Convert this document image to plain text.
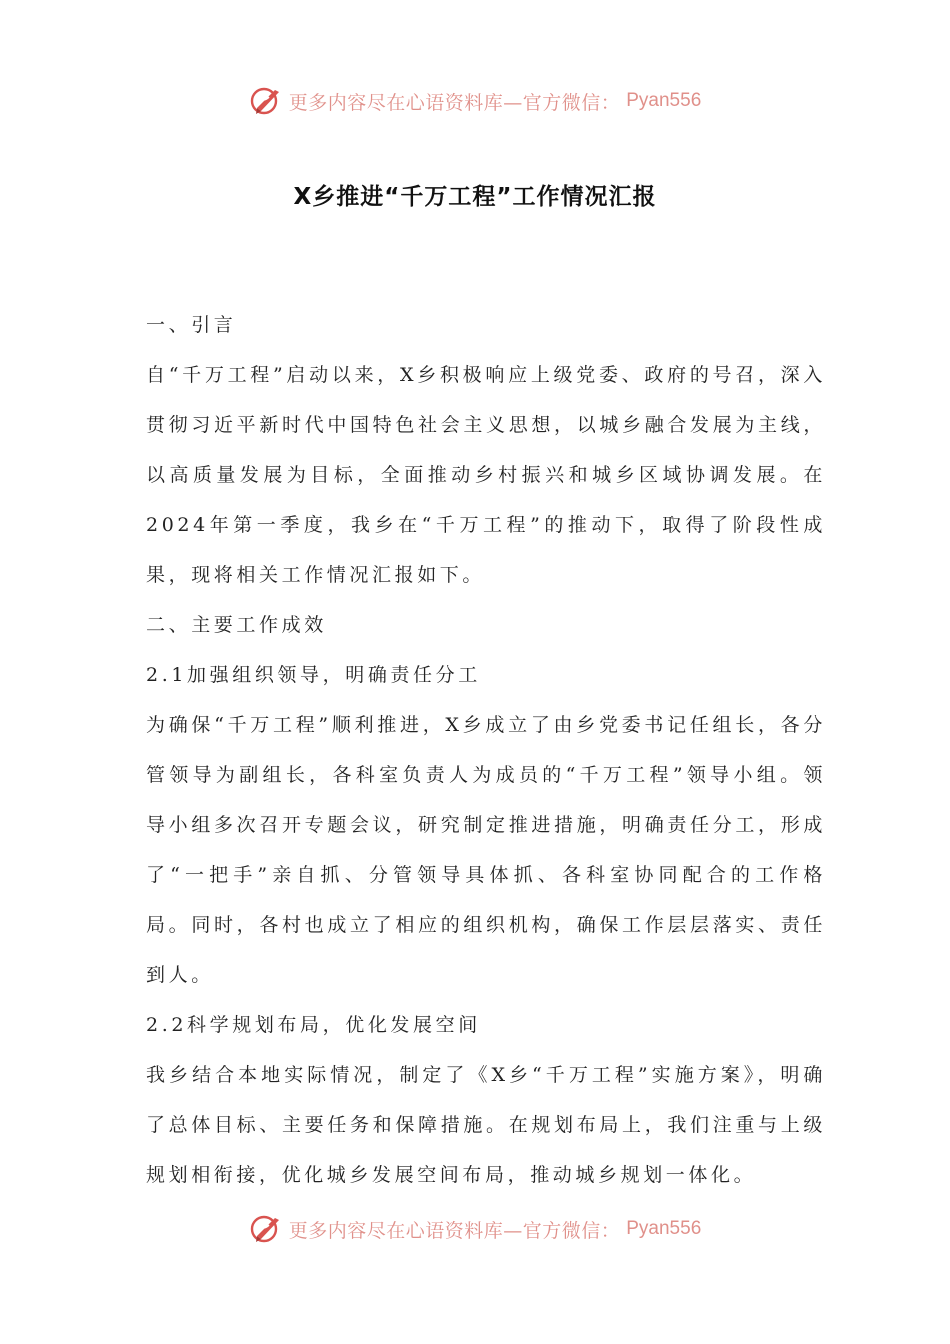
更多内容尽在心语资料库—官方微信： Pyan556
X乡推进“千万工程”工作情况汇报

一、引言

自“千万工程”启动以来，X乡积极响应上级党委、政府的号召，深入贯彻习近平新时代中国特色社会主义思想，以城乡融合发展为主线，以高质量发展为目标，全面推动乡村振兴和城乡区域协调发展。在2024年第一季度，我乡在“千万工程”的推动下，取得了阶段性成果，现将相关工作情况汇报如下。

二、主要工作成效

2.1加强组织领导，明确责任分工

为确保“千万工程”顺利推进，X乡成立了由乡党委书记任组长，各分管领导为副组长，各科室负责人为成员的“千万工程”领导小组。领导小组多次召开专题会议，研究制定推进措施，明确责任分工，形成了“一把手”亲自抓、分管领导具体抓、各科室协同配合的工作格局。同时，各村也成立了相应的组织机构，确保工作层层落实、责任到人。

2.2科学规划布局，优化发展空间

我乡结合本地实际情况，制定了《X乡“千万工程”实施方案》，明确了总体目标、主要任务和保障措施。在规划布局上，我们注重与上级规划相衔接，优化城乡发展空间布局，推动城乡规划一体化。

更多内容尽在心语资料库—官方微信： Pyan556
